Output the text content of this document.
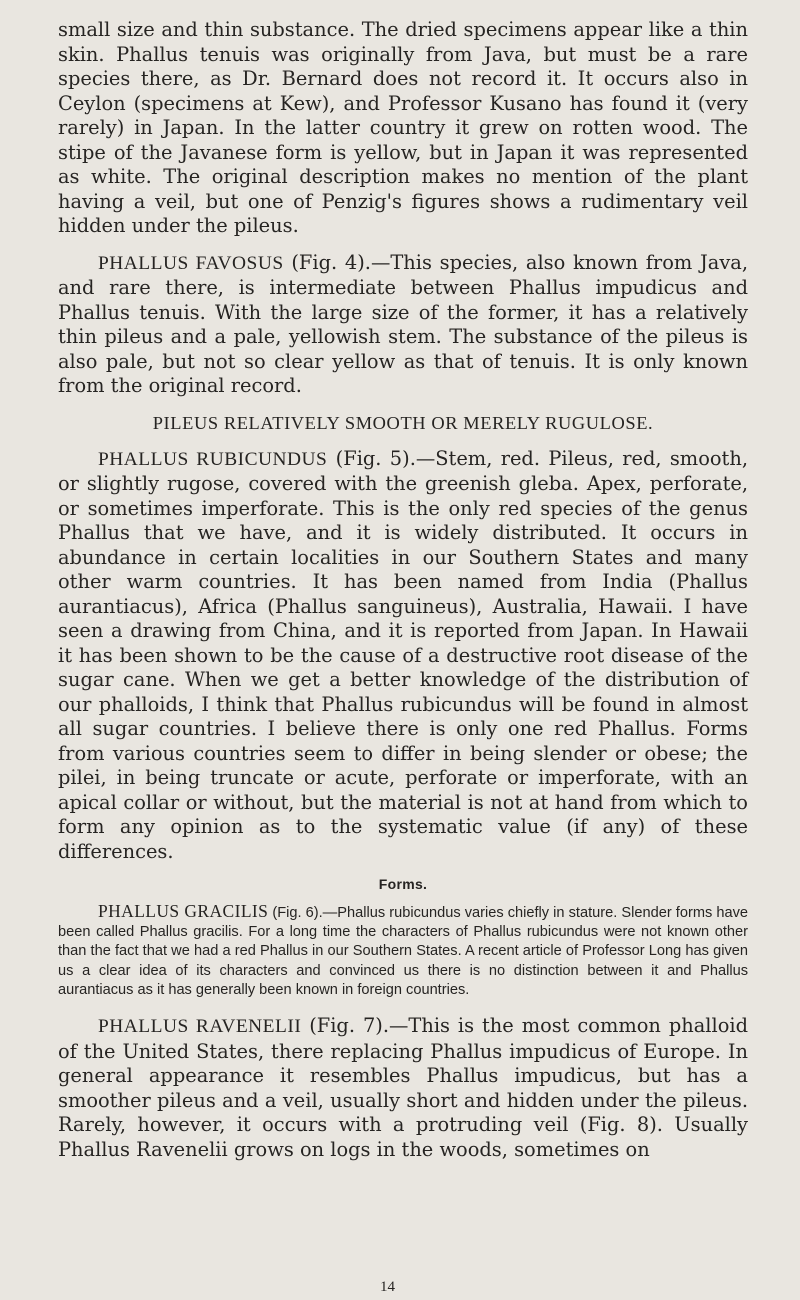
small size and thin substance. The dried specimens appear like a thin skin. Phallus tenuis was originally from Java, but must be a rare species there, as Dr. Bernard does not record it. It occurs also in Ceylon (specimens at Kew), and Professor Kusano has found it (very rarely) in Japan. In the latter country it grew on rotten wood. The stipe of the Javanese form is yellow, but in Japan it was represented as white. The original description makes no mention of the plant having a veil, but one of Penzig's figures shows a rudimentary veil hidden under the pileus.

PHALLUS FAVOSUS (Fig. 4).—This species, also known from Java, and rare there, is intermediate between Phallus impudicus and Phallus tenuis. With the large size of the former, it has a relatively thin pileus and a pale, yellowish stem. The substance of the pileus is also pale, but not so clear yellow as that of tenuis. It is only known from the original record.

PILEUS RELATIVELY SMOOTH OR MERELY RUGULOSE.

PHALLUS RUBICUNDUS (Fig. 5).—Stem, red. Pileus, red, smooth, or slightly rugose, covered with the greenish gleba. Apex, perforate, or sometimes imperforate. This is the only red species of the genus Phallus that we have, and it is widely distributed. It occurs in abundance in certain localities in our Southern States and many other warm countries. It has been named from India (Phallus aurantiacus), Africa (Phallus sanguineus), Australia, Hawaii. I have seen a drawing from China, and it is reported from Japan. In Hawaii it has been shown to be the cause of a destructive root disease of the sugar cane. When we get a better knowledge of the distribution of our phalloids, I think that Phallus rubicundus will be found in almost all sugar countries. I believe there is only one red Phallus. Forms from various countries seem to differ in being slender or obese; the pilei, in being truncate or acute, perforate or imperforate, with an apical collar or without, but the material is not at hand from which to form any opinion as to the systematic value (if any) of these differences.

Forms.

PHALLUS GRACILIS (Fig. 6).—Phallus rubicundus varies chiefly in stature. Slender forms have been called Phallus gracilis. For a long time the characters of Phallus rubicundus were not known other than the fact that we had a red Phallus in our Southern States. A recent article of Professor Long has given us a clear idea of its characters and convinced us there is no distinction between it and Phallus aurantiacus as it has generally been known in foreign countries.

PHALLUS RAVENELII (Fig. 7).—This is the most common phalloid of the United States, there replacing Phallus impudicus of Europe. In general appearance it resembles Phallus impudicus, but has a smoother pileus and a veil, usually short and hidden under the pileus. Rarely, however, it occurs with a protruding veil (Fig. 8). Usually Phallus Ravenelii grows on logs in the woods, sometimes on

14
